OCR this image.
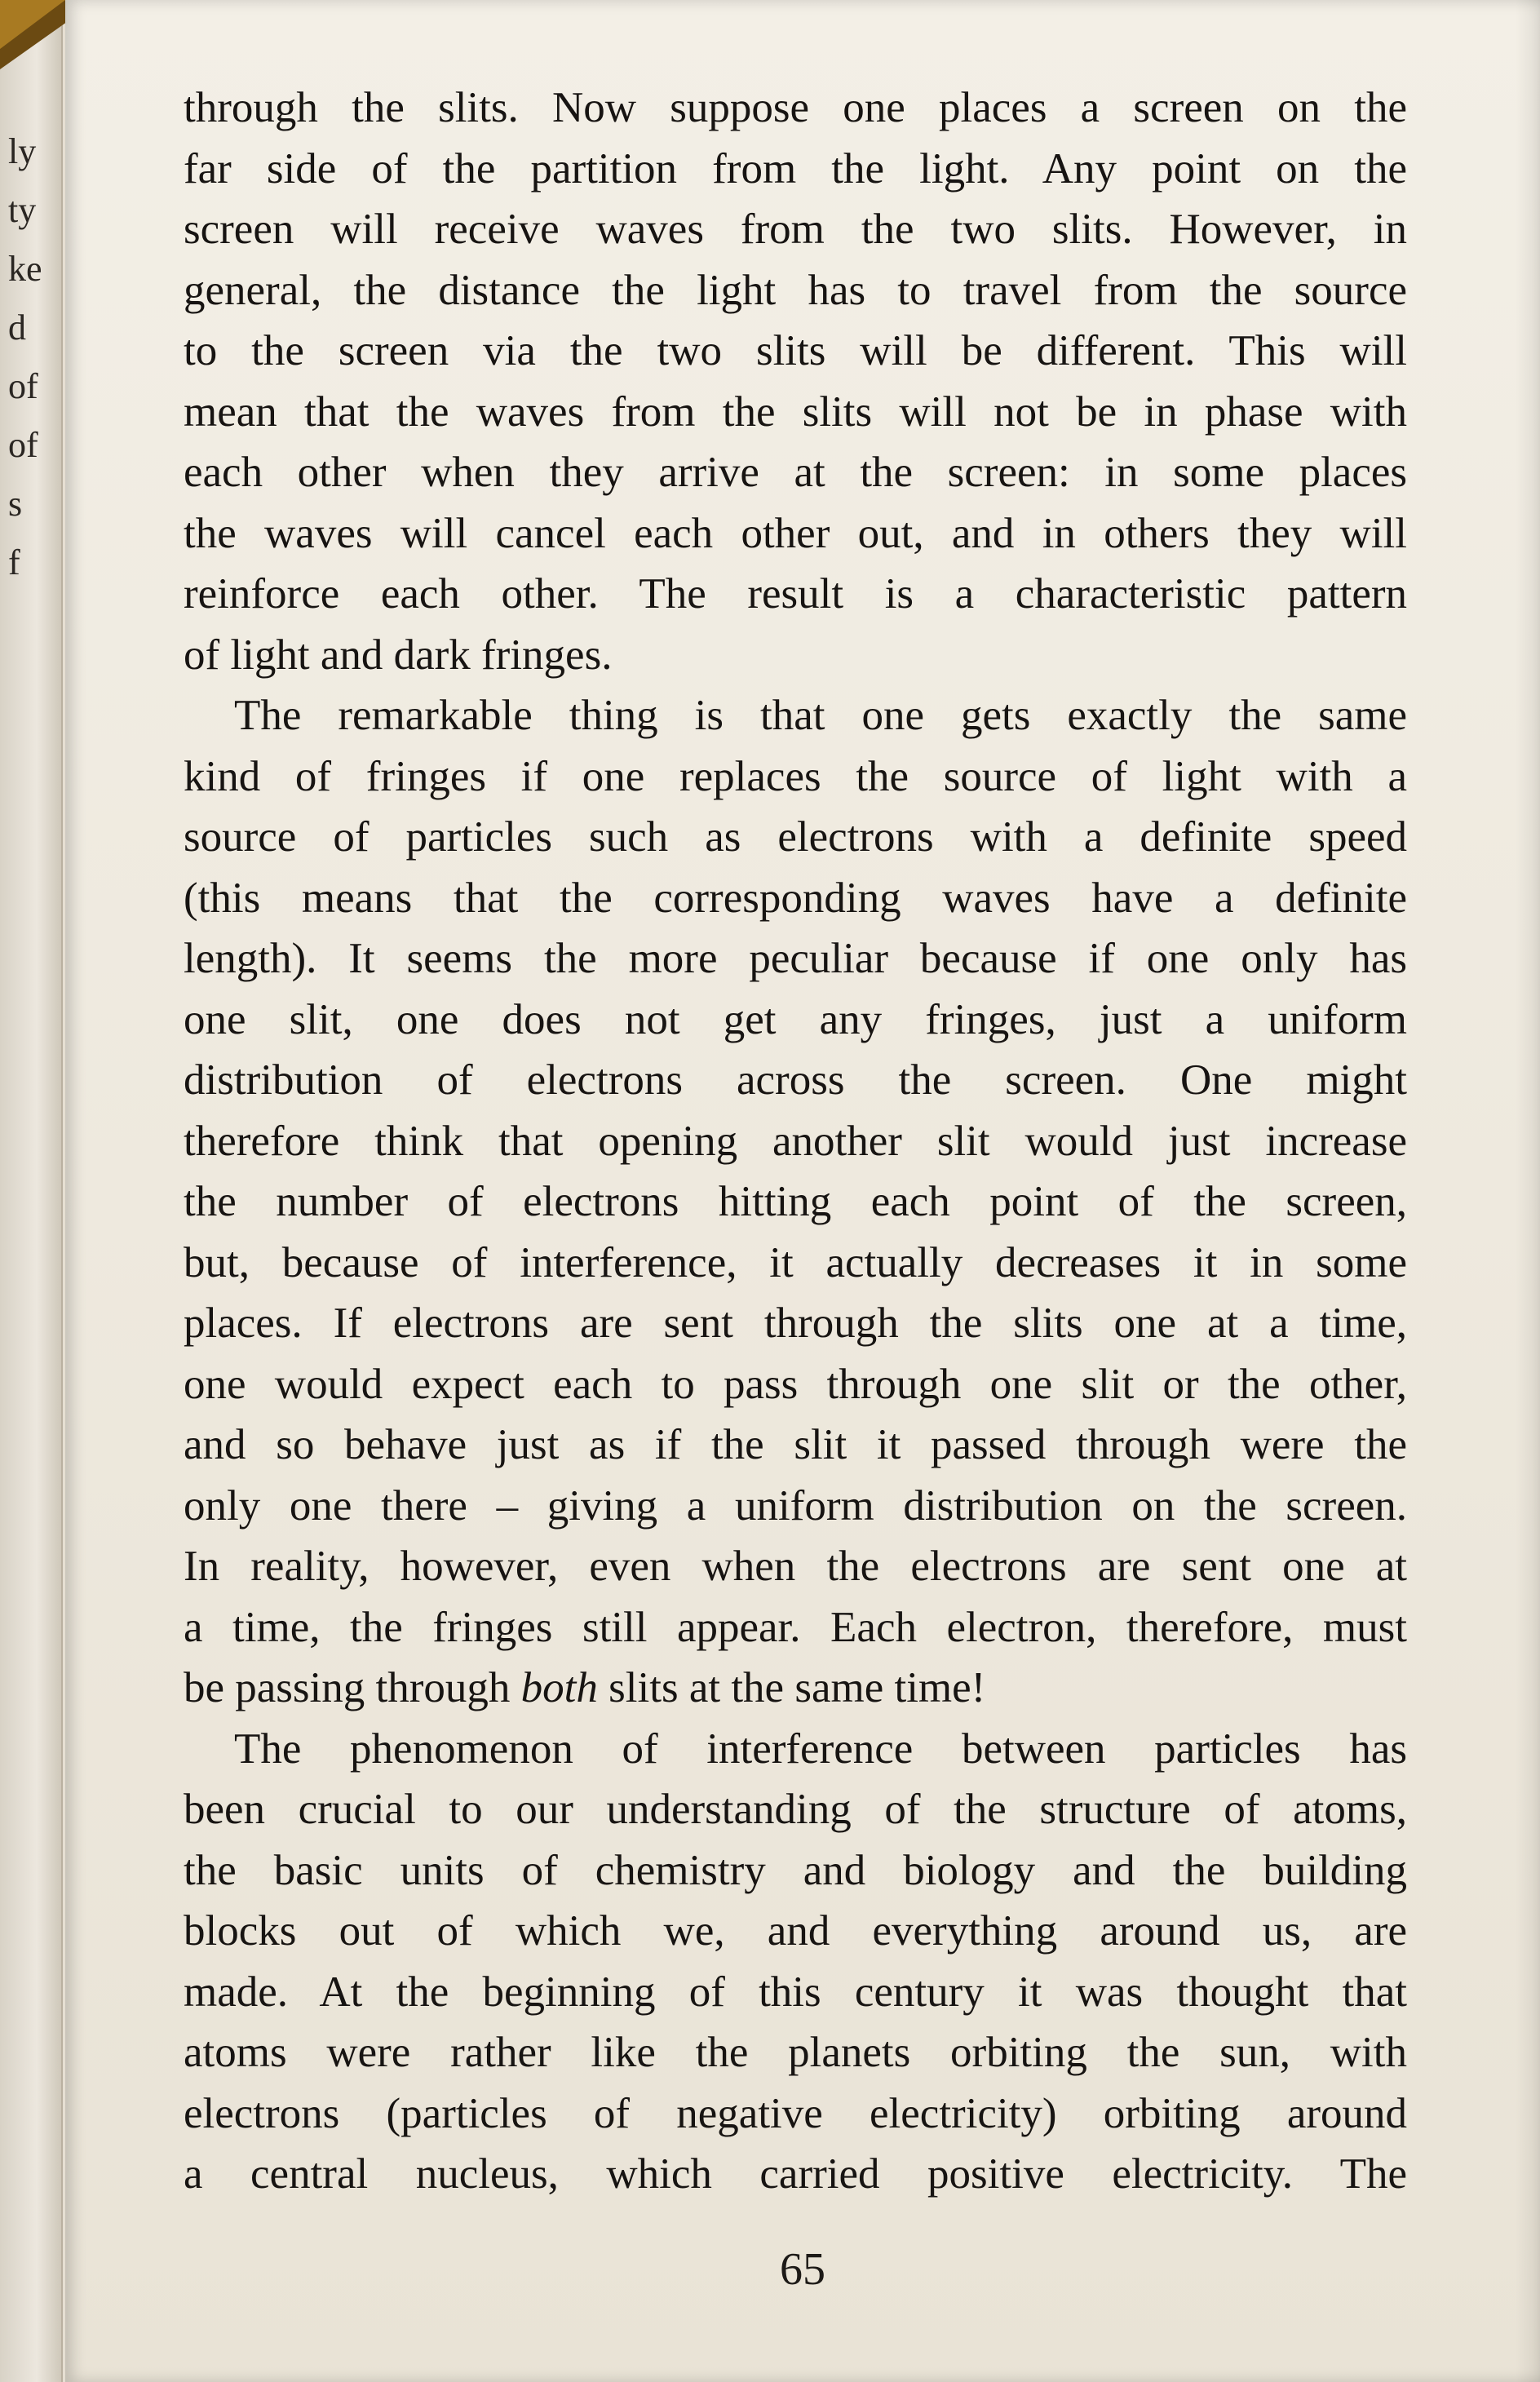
ly
ty
ke
d
of
of
s
f
through the slits. Now suppose one places a screen on the
far side of the partition from the light. Any point on the
screen will receive waves from the two slits. However, in
general, the distance the light has to travel from the source
to the screen via the two slits will be different. This will
mean that the waves from the slits will not be in phase with
each other when they arrive at the screen: in some places
the waves will cancel each other out, and in others they will
reinforce each other. The result is a characteristic pattern
of light and dark fringes.
The remarkable thing is that one gets exactly the same
kind of fringes if one replaces the source of light with a
source of particles such as electrons with a definite speed
(this means that the corresponding waves have a definite
length). It seems the more peculiar because if one only has
one slit, one does not get any fringes, just a uniform
distribution of electrons across the screen. One might
therefore think that opening another slit would just increase
the number of electrons hitting each point of the screen,
but, because of interference, it actually decreases it in some
places. If electrons are sent through the slits one at a time,
one would expect each to pass through one slit or the other,
and so behave just as if the slit it passed through were the
only one there – giving a uniform distribution on the screen.
In reality, however, even when the electrons are sent one at
a time, the fringes still appear. Each electron, therefore, must
be passing through both slits at the same time!
The phenomenon of interference between particles has
been crucial to our understanding of the structure of atoms,
the basic units of chemistry and biology and the building
blocks out of which we, and everything around us, are
made. At the beginning of this century it was thought that
atoms were rather like the planets orbiting the sun, with
electrons (particles of negative electricity) orbiting around
a central nucleus, which carried positive electricity. The
65
